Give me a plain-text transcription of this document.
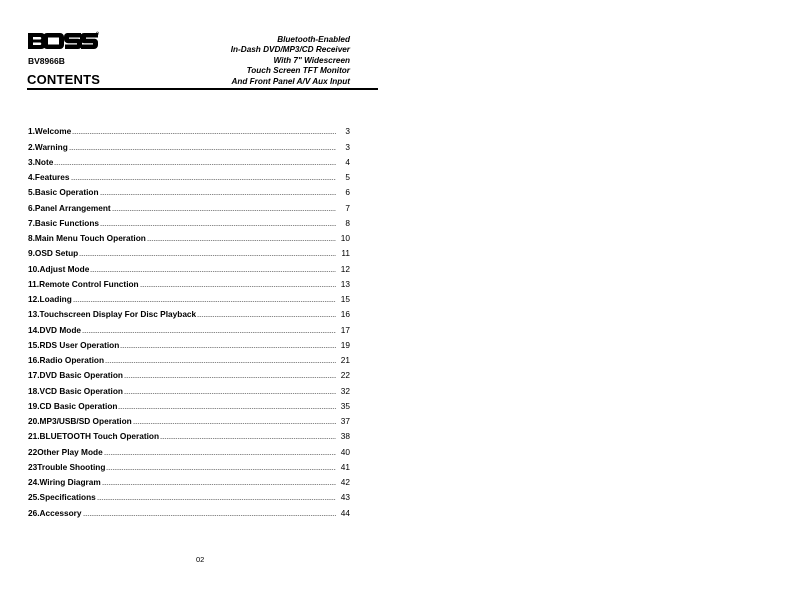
BV8966B
CONTENTS
Bluetooth-Enabled
In-Dash DVD/MP3/CD Receiver
With 7" Widescreen
Touch Screen TFT Monitor
And Front Panel A/V Aux Input
1.Welcome	3
2.Warning	3
3.Note	4
4.Features	5
5.Basic Operation	6
6.Panel Arrangement	7
7.Basic Functions	8
8.Main Menu Touch Operation	10
9.OSD Setup	11
10.Adjust Mode	12
11.Remote Control Function	13
12.Loading	15
13.Touchscreen Display For Disc Playback	16
14.DVD Mode	17
15.RDS User Operation	19
16.Radio Operation	21
17.DVD Basic Operation	22
18.VCD Basic Operation	32
19.CD Basic Operation	35
20.MP3/USB/SD Operation	37
21.BLUETOOTH Touch Operation	38
22Other Play Mode	40
23Trouble Shooting	41
24.Wiring Diagram	42
25.Specifications	43
26.Accessory	44
02
